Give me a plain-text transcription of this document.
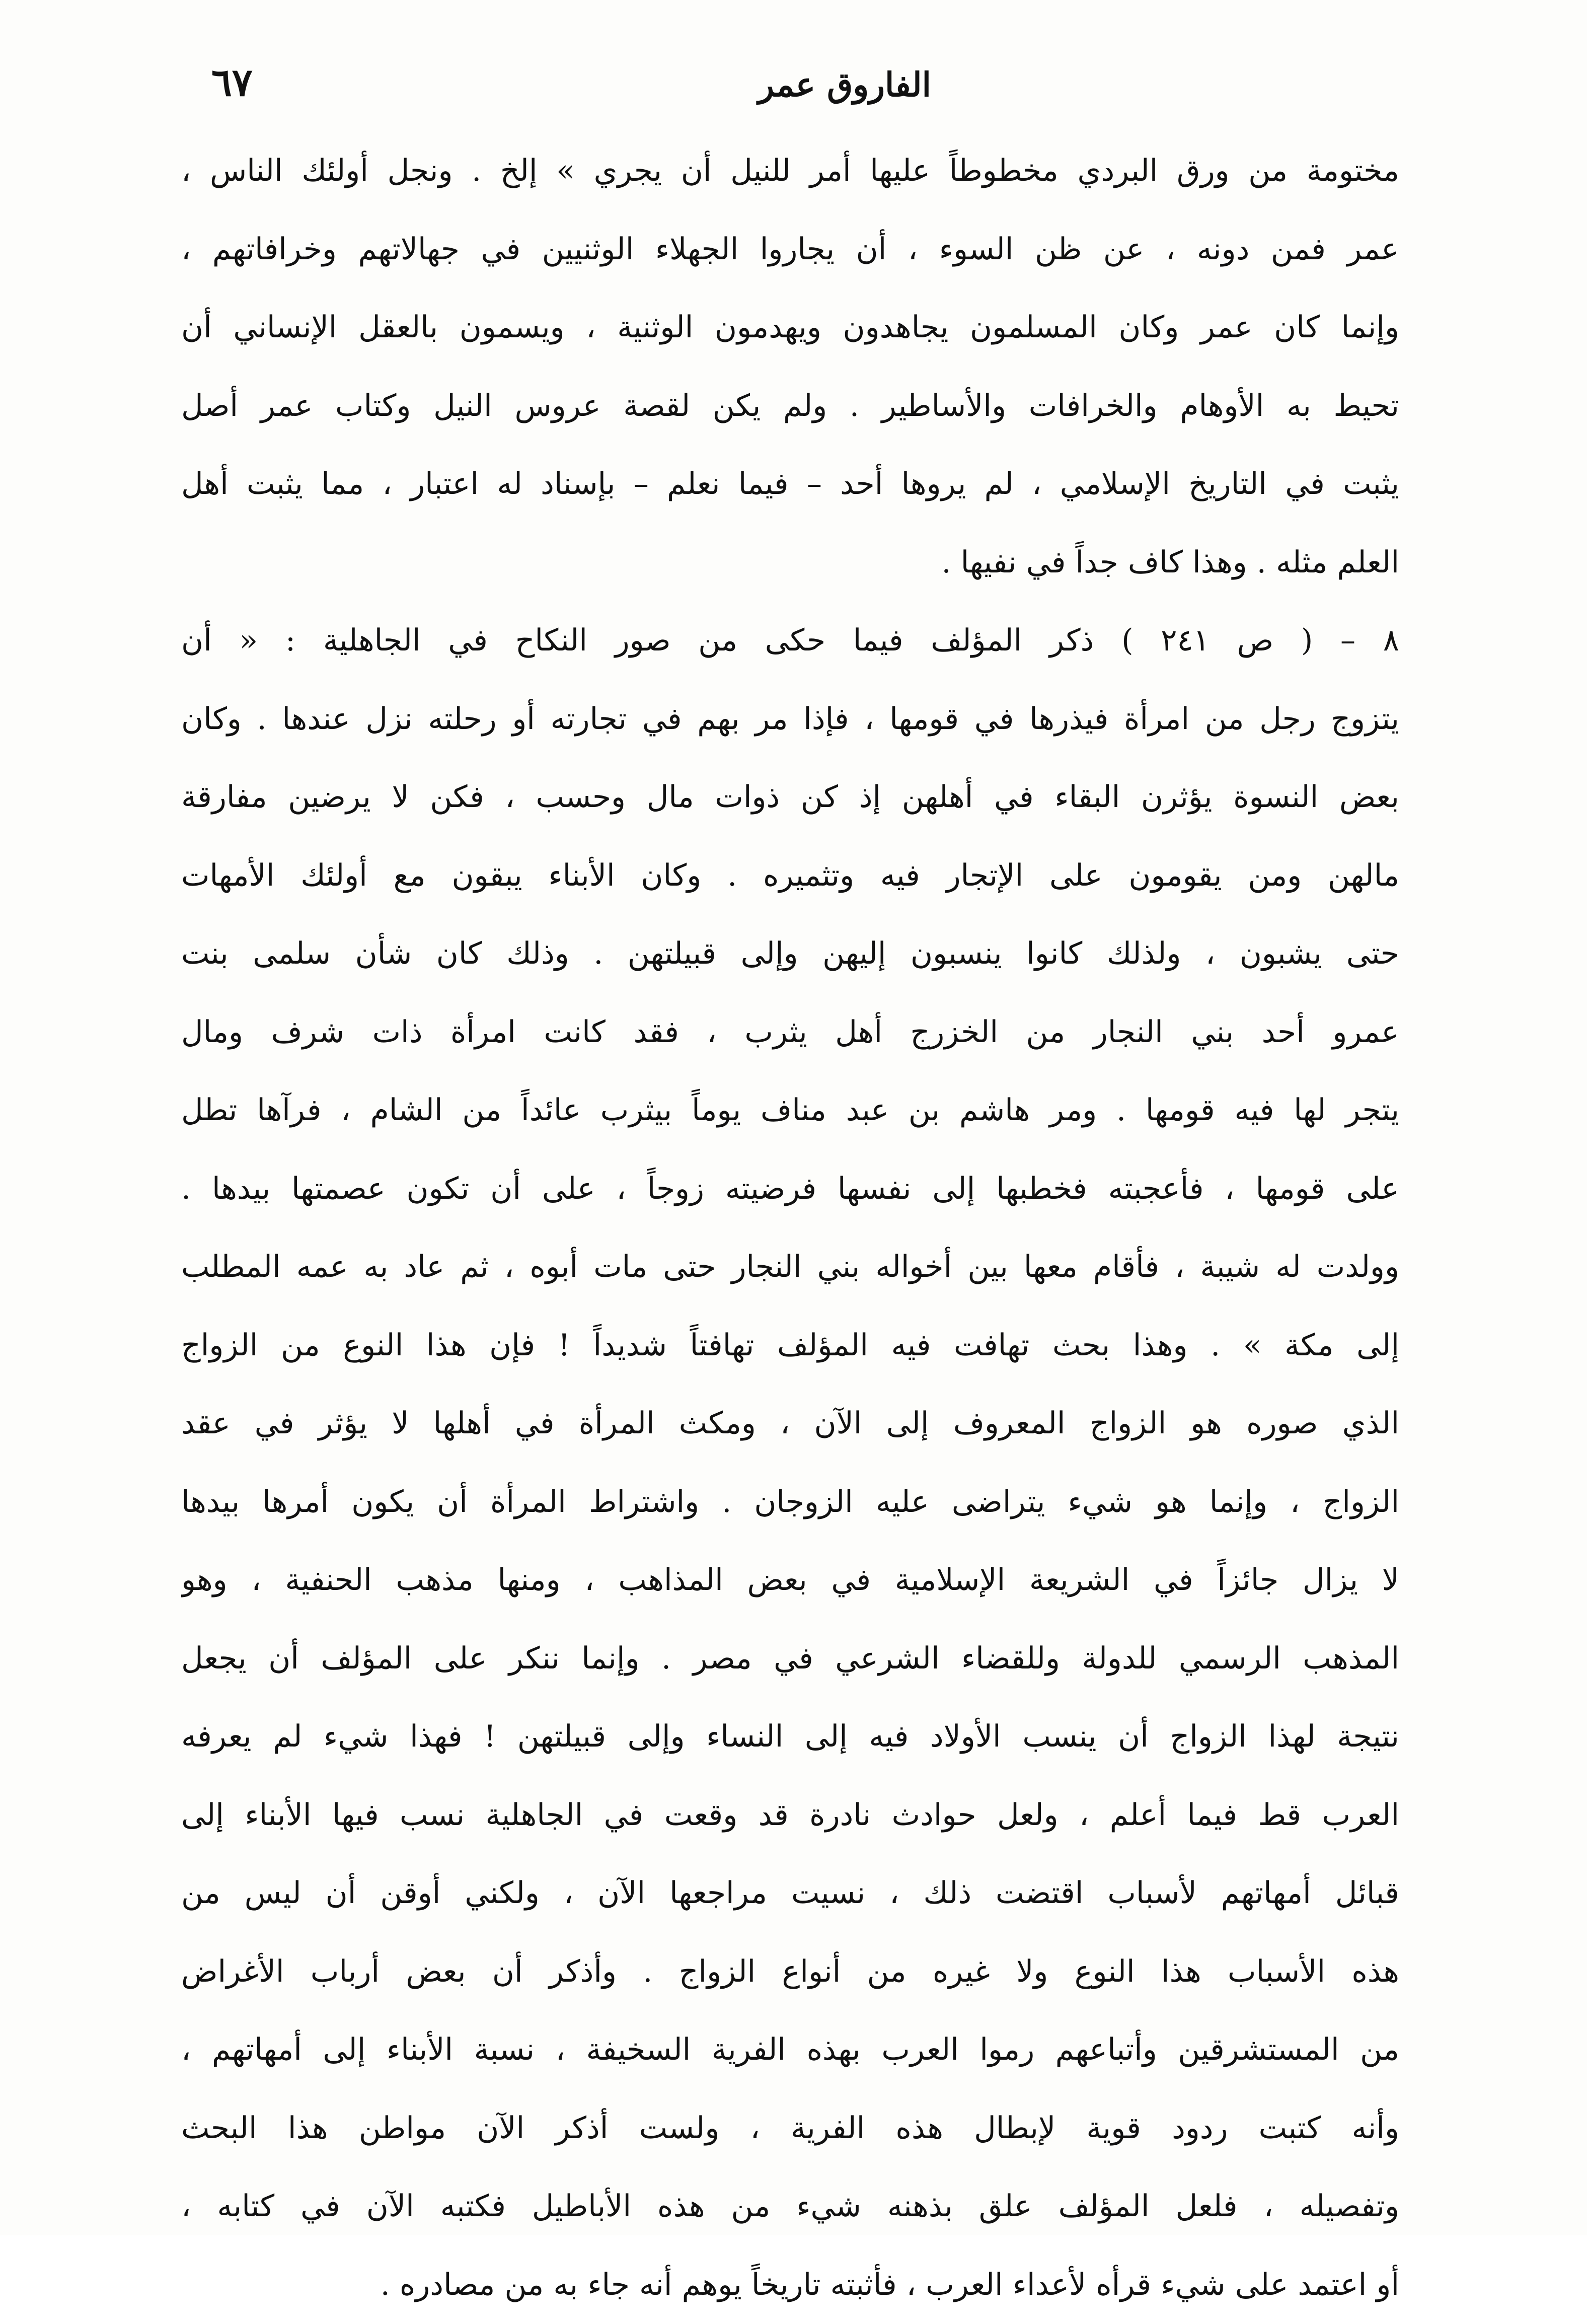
الفاروق عمر
٦٧
مختومة من ورق البردي مخطوطاً عليها أمر للنيل أن يجري » إلخ . ونجل أولئك الناس ،
عمر فمن دونه ، عن ظن السوء ، أن يجاروا الجهلاء الوثنيين في جهالاتهم وخرافاتهم ،
وإنما كان عمر وكان المسلمون يجاهدون ويهدمون الوثنية ، ويسمون بالعقل الإنساني أن
تحيط به الأوهام والخرافات والأساطير . ولم يكن لقصة عروس النيل وكتاب عمر أصل
يثبت في التاريخ الإسلامي ، لم يروها أحد – فيما نعلم – بإسناد له اعتبار ، مما يثبت أهل
العلم مثله . وهذا كاف جداً في نفيها .
٨ – ( ص ٢٤١ ) ذكر المؤلف فيما حكى من صور النكاح في الجاهلية : « أن
يتزوج رجل من امرأة فيذرها في قومها ، فإذا مر بهم في تجارته أو رحلته نزل عندها . وكان
بعض النسوة يؤثرن البقاء في أهلهن إذ كن ذوات مال وحسب ، فكن لا يرضين مفارقة
مالهن ومن يقومون على الإتجار فيه وتثميره . وكان الأبناء يبقون مع أولئك الأمهات
حتى يشبون ، ولذلك كانوا ينسبون إليهن وإلى قبيلتهن . وذلك كان شأن سلمى بنت
عمرو أحد بني النجار من الخزرج أهل يثرب ، فقد كانت امرأة ذات شرف ومال
يتجر لها فيه قومها . ومر هاشم بن عبد مناف يوماً بيثرب عائداً من الشام ، فرآها تطل
على قومها ، فأعجبته فخطبها إلى نفسها فرضيته زوجاً ، على أن تكون عصمتها بيدها .
وولدت له شيبة ، فأقام معها بين أخواله بني النجار حتى مات أبوه ، ثم عاد به عمه المطلب
إلى مكة » . وهذا بحث تهافت فيه المؤلف تهافتاً شديداً ! فإن هذا النوع من الزواج
الذي صوره هو الزواج المعروف إلى الآن ، ومكث المرأة في أهلها لا يؤثر في عقد
الزواج ، وإنما هو شيء يتراضى عليه الزوجان . واشتراط المرأة أن يكون أمرها بيدها
لا يزال جائزاً في الشريعة الإسلامية في بعض المذاهب ، ومنها مذهب الحنفية ، وهو
المذهب الرسمي للدولة وللقضاء الشرعي في مصر . وإنما ننكر على المؤلف أن يجعل
نتيجة لهذا الزواج أن ينسب الأولاد فيه إلى النساء وإلى قبيلتهن ! فهذا شيء لم يعرفه
العرب قط فيما أعلم ، ولعل حوادث نادرة قد وقعت في الجاهلية نسب فيها الأبناء إلى
قبائل أمهاتهم لأسباب اقتضت ذلك ، نسيت مراجعها الآن ، ولكني أوقن أن ليس من
هذه الأسباب هذا النوع ولا غيره من أنواع الزواج . وأذكر أن بعض أرباب الأغراض
من المستشرقين وأتباعهم رموا العرب بهذه الفرية السخيفة ، نسبة الأبناء إلى أمهاتهم ،
وأنه كتبت ردود قوية لإبطال هذه الفرية ، ولست أذكر الآن مواطن هذا البحث
وتفصيله ، فلعل المؤلف علق بذهنه شيء من هذه الأباطيل فكتبه الآن في كتابه ،
أو اعتمد على شيء قرأه لأعداء العرب ، فأثبته تاريخاً يوهم أنه جاء به من مصادره .
